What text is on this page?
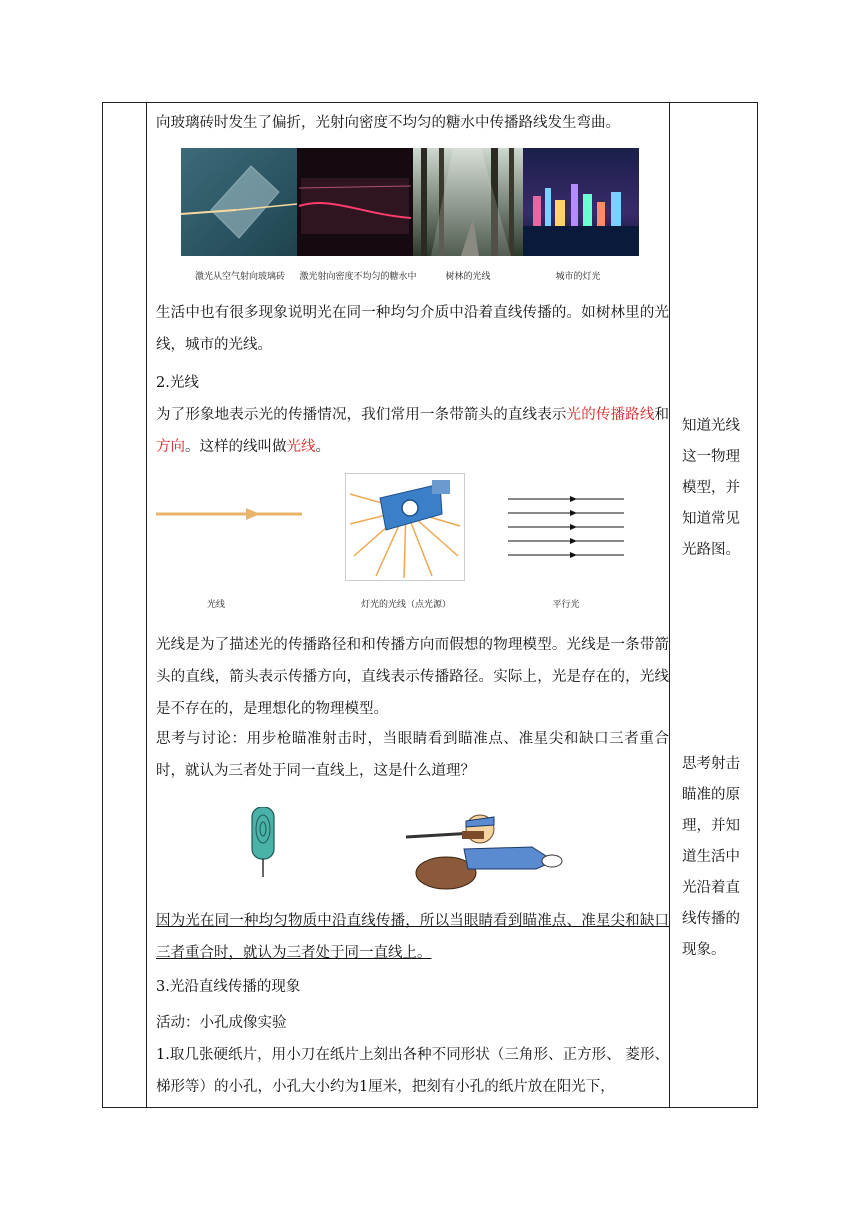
向玻璃砖时发生了偏折，光射向密度不均匀的糖水中传播路线发生弯曲。
激光从空气射向玻璃砖	激光射向密度不均匀的糖水中	树林的光线	城市的灯光
生活中也有很多现象说明光在同一种均匀介质中沿着直线传播的。如树林里的光线，城市的光线。
2.光线
为了形象地表示光的传播情况，我们常用一条带箭头的直线表示光的传播路线和方向。这样的线叫做光线。
光线	灯光的光线（点光源）	平行光
光线是为了描述光的传播路径和和传播方向而假想的物理模型。光线是一条带箭头的直线，箭头表示传播方向，直线表示传播路径。实际上，光是存在的，光线是不存在的，是理想化的物理模型。
思考与讨论：用步枪瞄准射击时，当眼睛看到瞄准点、准星尖和缺口三者重合时，就认为三者处于同一直线上，这是什么道理？
因为光在同一种均匀物质中沿直线传播，所以当眼睛看到瞄准点、准星尖和缺口三者重合时，就认为三者处于同一直线上。
3.光沿直线传播的现象
活动：小孔成像实验
1.取几张硬纸片，用小刀在纸片上刻出各种不同形状（三角形、正方形、 菱形、梯形等）的小孔，小孔大小约为1厘米，把刻有小孔的纸片放在阳光下，
知道光线这一物理模型，并知道常见光路图。
思考射击瞄准的原理，并知道生活中光沿着直线传播的现象。
